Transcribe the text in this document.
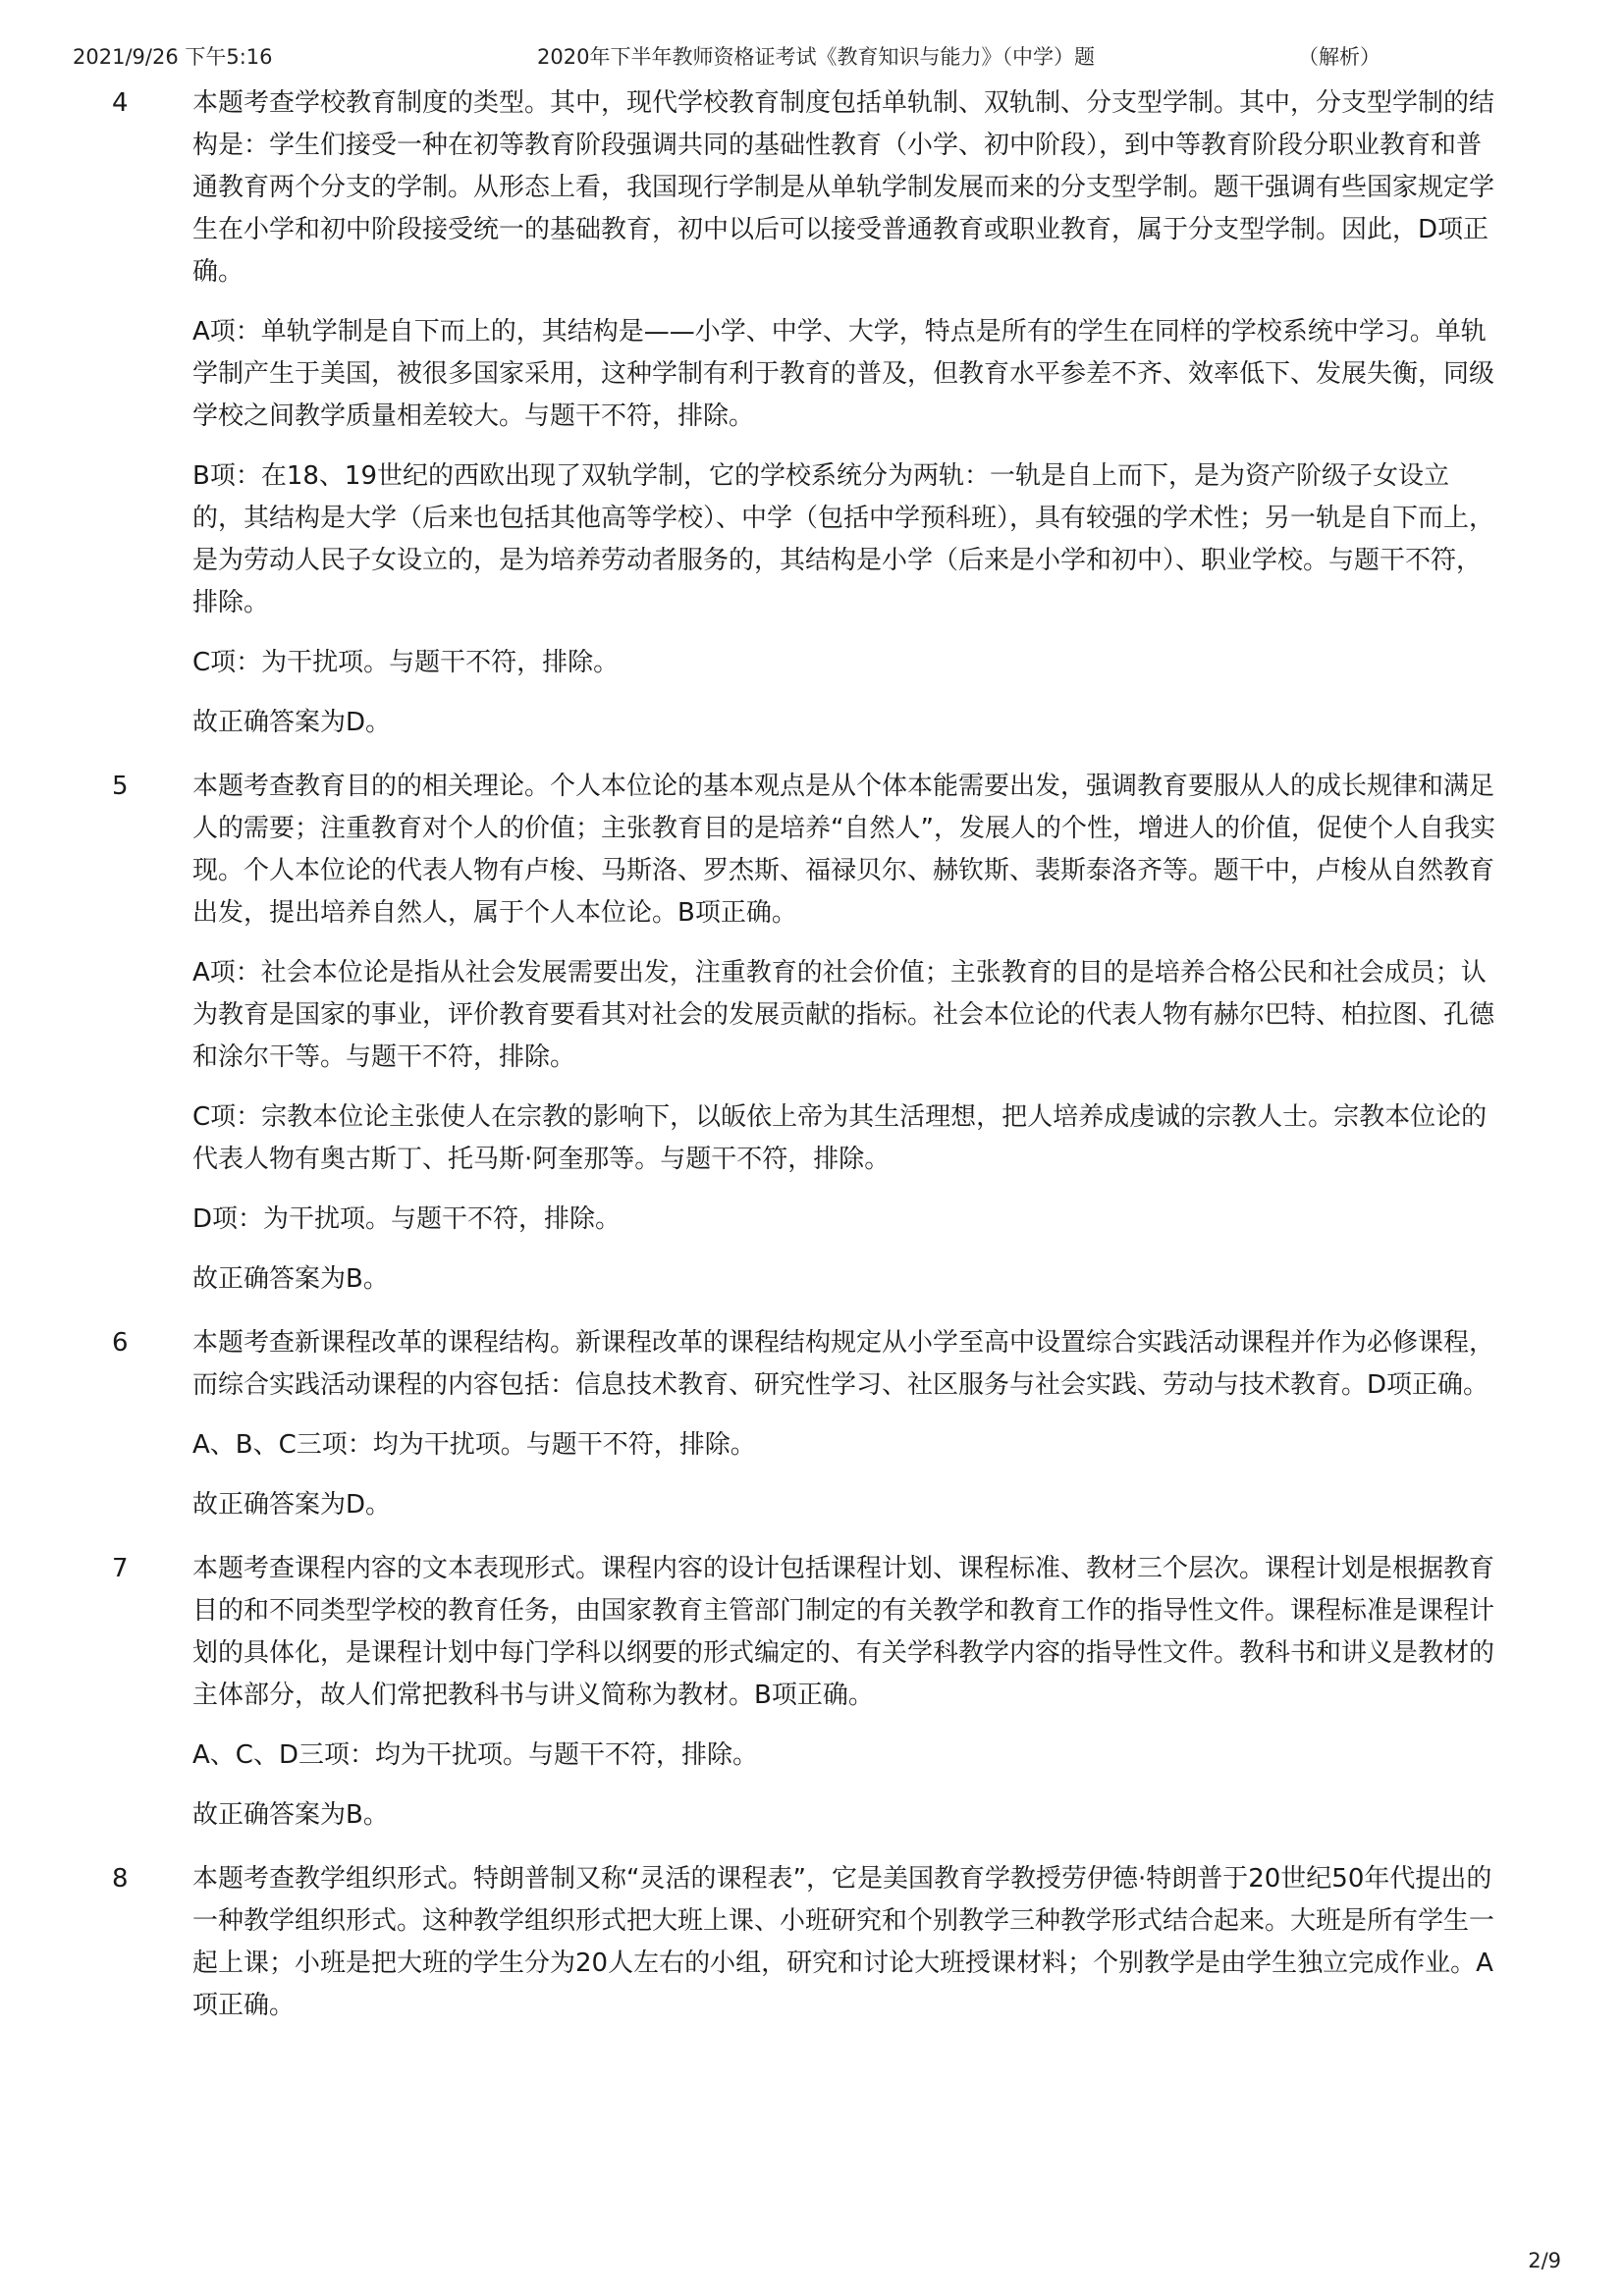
2021/9/26 下午5:16	2020年下半年教师资格证考试《教育知识与能力》（中学）题	（解析）
4	本题考查学校教育制度的类型。其中，现代学校教育制度包括单轨制、双轨制、分支型学制。其中，分支型学制的结构是：学生们接受一种在初等教育阶段强调共同的基础性教育（小学、初中阶段），到中等教育阶段分职业教育和普通教育两个分支的学制。从形态上看，我国现行学制是从单轨学制发展而来的分支型学制。题干强调有些国家规定学生在小学和初中阶段接受统一的基础教育，初中以后可以接受普通教育或职业教育，属于分支型学制。因此，D项正确。

A项：单轨学制是自下而上的，其结构是——小学、中学、大学，特点是所有的学生在同样的学校系统中学习。单轨学制产生于美国，被很多国家采用，这种学制有利于教育的普及，但教育水平参差不齐、效率低下、发展失衡，同级学校之间教学质量相差较大。与题干不符，排除。

B项：在18、19世纪的西欧出现了双轨学制，它的学校系统分为两轨：一轨是自上而下，是为资产阶级子女设立的，其结构是大学（后来也包括其他高等学校）、中学（包括中学预科班），具有较强的学术性；另一轨是自下而上，是为劳动人民子女设立的，是为培养劳动者服务的，其结构是小学（后来是小学和初中）、职业学校。与题干不符，排除。

C项：为干扰项。与题干不符，排除。

故正确答案为D。

5	本题考查教育目的的相关理论。个人本位论的基本观点是从个体本能需要出发，强调教育要服从人的成长规律和满足人的需要；注重教育对个人的价值；主张教育目的是培养“自然人”，发展人的个性，增进人的价值，促使个人自我实现。个人本位论的代表人物有卢梭、马斯洛、罗杰斯、福禄贝尔、赫钦斯、裴斯泰洛齐等。题干中，卢梭从自然教育出发，提出培养自然人，属于个人本位论。B项正确。

A项：社会本位论是指从社会发展需要出发，注重教育的社会价值；主张教育的目的是培养合格公民和社会成员；认为教育是国家的事业，评价教育要看其对社会的发展贡献的指标。社会本位论的代表人物有赫尔巴特、柏拉图、孔德和涂尔干等。与题干不符，排除。

C项：宗教本位论主张使人在宗教的影响下，以皈依上帝为其生活理想，把人培养成虔诚的宗教人士。宗教本位论的代表人物有奥古斯丁、托马斯·阿奎那等。与题干不符，排除。

D项：为干扰项。与题干不符，排除。

故正确答案为B。

6	本题考查新课程改革的课程结构。新课程改革的课程结构规定从小学至高中设置综合实践活动课程并作为必修课程，而综合实践活动课程的内容包括：信息技术教育、研究性学习、社区服务与社会实践、劳动与技术教育。D项正确。

A、B、C三项：均为干扰项。与题干不符，排除。

故正确答案为D。

7	本题考查课程内容的文本表现形式。课程内容的设计包括课程计划、课程标准、教材三个层次。课程计划是根据教育目的和不同类型学校的教育任务，由国家教育主管部门制定的有关教学和教育工作的指导性文件。课程标准是课程计划的具体化，是课程计划中每门学科以纲要的形式编定的、有关学科教学内容的指导性文件。教科书和讲义是教材的主体部分，故人们常把教科书与讲义简称为教材。B项正确。

A、C、D三项：均为干扰项。与题干不符，排除。

故正确答案为B。

8	本题考查教学组织形式。特朗普制又称“灵活的课程表”，它是美国教育学教授劳伊德·特朗普于20世纪50年代提出的一种教学组织形式。这种教学组织形式把大班上课、小班研究和个别教学三种教学形式结合起来。大班是所有学生一起上课；小班是把大班的学生分为20人左右的小组，研究和讨论大班授课材料；个别教学是由学生独立完成作业。A项正确。

2/9
